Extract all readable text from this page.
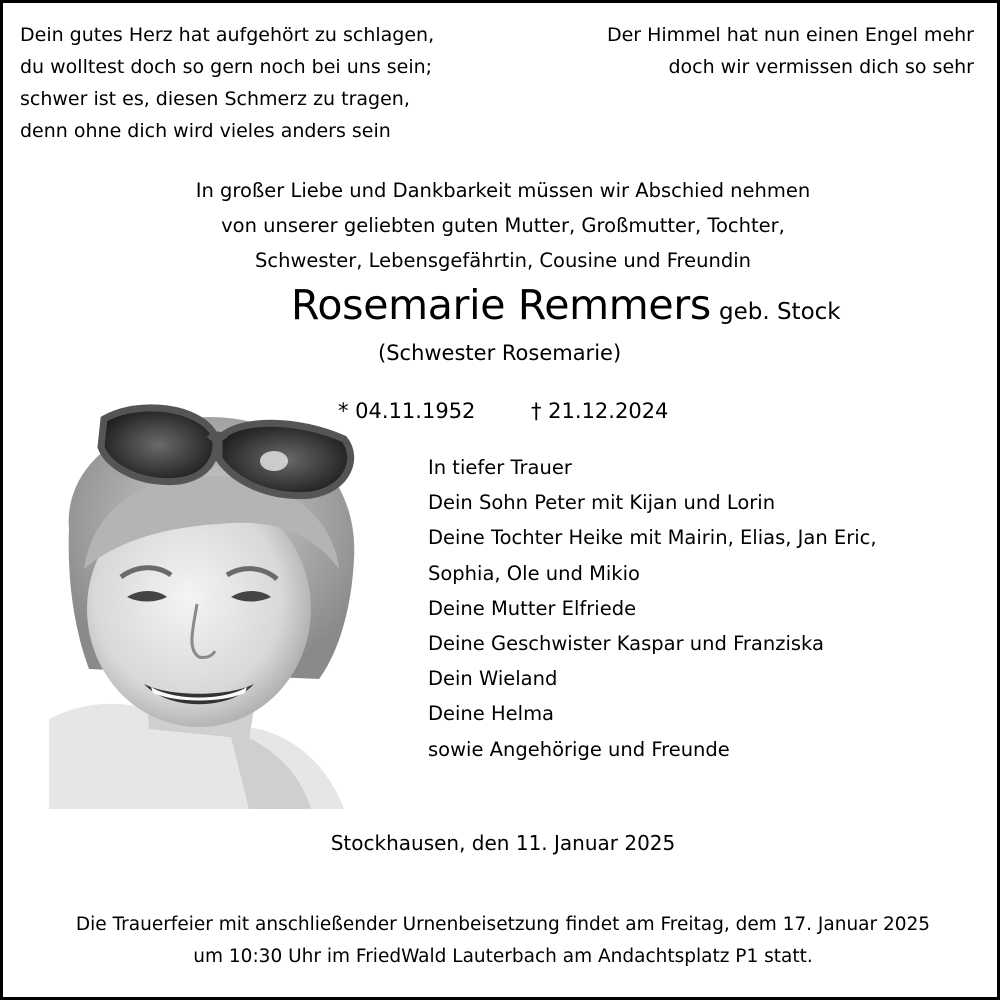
Dein gutes Herz hat aufgehört zu schlagen,
du wolltest doch so gern noch bei uns sein;
schwer ist es, diesen Schmerz zu tragen,
denn ohne dich wird vieles anders sein
Der Himmel hat nun einen Engel mehr
doch wir vermissen dich so sehr
In großer Liebe und Dankbarkeit müssen wir Abschied nehmen
von unserer geliebten guten Mutter, Großmutter, Tochter,
Schwester, Lebensgefährtin, Cousine und Freundin
Rosemarie Remmers geb. Stock
(Schwester Rosemarie)
* 04.11.1952	† 21.12.2024
In tiefer Trauer
Dein Sohn Peter mit Kijan und Lorin
Deine Tochter Heike mit Mairin, Elias, Jan Eric,
Sophia, Ole und Mikio
Deine Mutter Elfriede
Deine Geschwister Kaspar und Franziska
Dein Wieland
Deine Helma
sowie Angehörige und Freunde
Stockhausen, den 11. Januar 2025
Die Trauerfeier mit anschließender Urnenbeisetzung findet am Freitag, dem 17. Januar 2025
um 10:30 Uhr im FriedWald Lauterbach am Andachtsplatz P1 statt.
